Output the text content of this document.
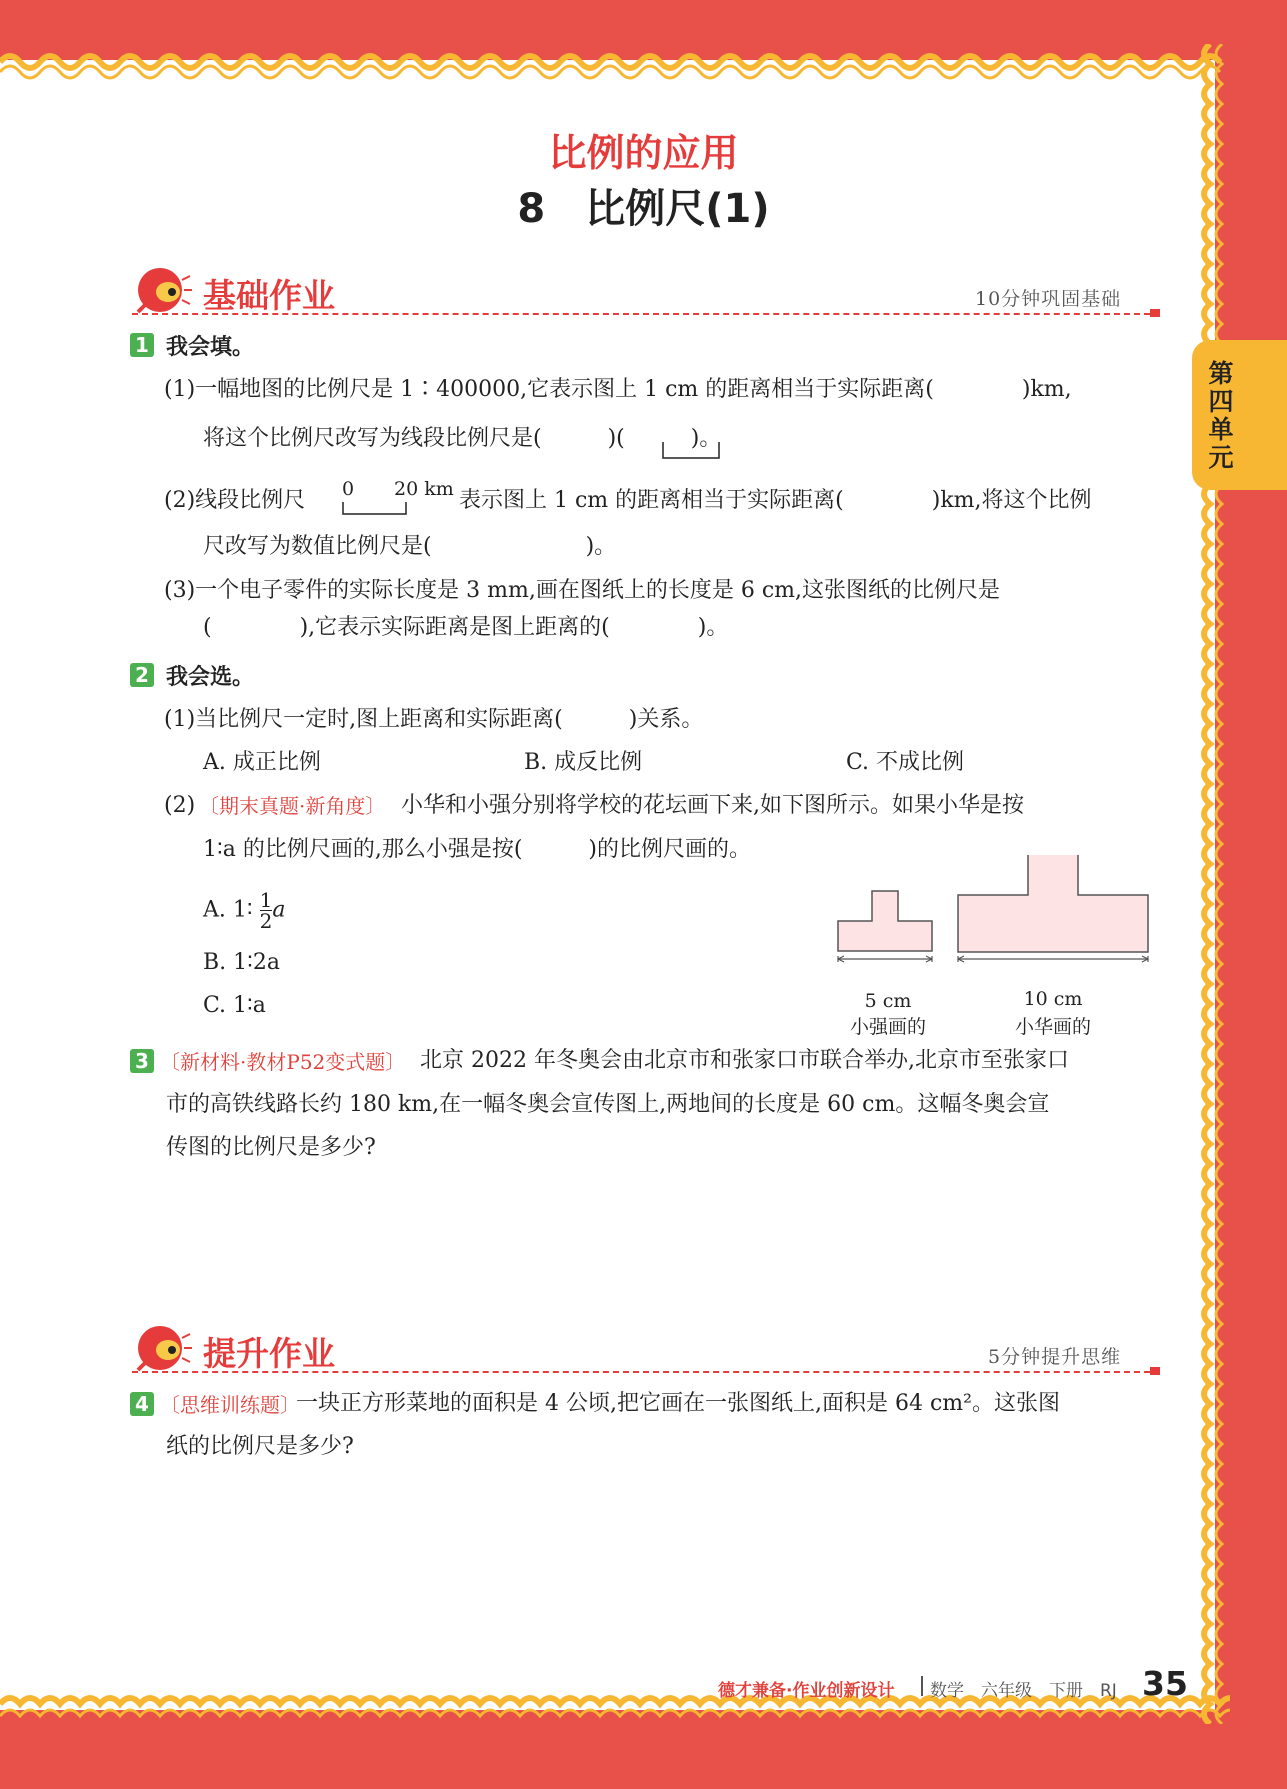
比例的应用
8　比例尺(1)
第
四
单
元
基础作业	10分钟巩固基础
1 我会填。
(1)一幅地图的比例尺是 1∶400000,它表示图上 1 cm 的距离相当于实际距离(　　　　)km,
将这个比例尺改写为线段比例尺是(　　　)(　　　)。
(2)线段比例尺 0 20 km 表示图上 1 cm 的距离相当于实际距离(　　　　)km,将这个比例
尺改写为数值比例尺是(　　　　　　　)。
(3)一个电子零件的实际长度是 3 mm,画在图纸上的长度是 6 cm,这张图纸的比例尺是
(　　　　),它表示实际距离是图上距离的(　　　　)。
2 我会选。
(1)当比例尺一定时,图上距离和实际距离(　　　)关系。
A. 成正比例	B. 成反比例	C. 不成比例
(2) 〔期末真题·新角度〕 小华和小强分别将学校的花坛画下来,如下图所示。如果小华是按
1∶a 的比例尺画的,那么小强是按(　　　)的比例尺画的。
A. 1∶ $\frac{1}{2}$ a
B. 1∶2a
C. 1∶a	5 cm
小强画的
10 cm
小华画的
3 〔新材料·教材P52变式题〕 北京 2022 年冬奥会由北京市和张家口市联合举办,北京市至张家口
市的高铁线路长约 180 km,在一幅冬奥会宣传图上,两地间的长度是 60 cm。这幅冬奥会宣
传图的比例尺是多少?
提升作业	5分钟提升思维
4 〔思维训练题〕
一块正方形菜地的面积是 4 公顷,把它画在一张图纸上,面积是 64 cm²。这张图
纸的比例尺是多少?
德才兼备·作业创新设计 数学　六年级　下册　RJ 35
